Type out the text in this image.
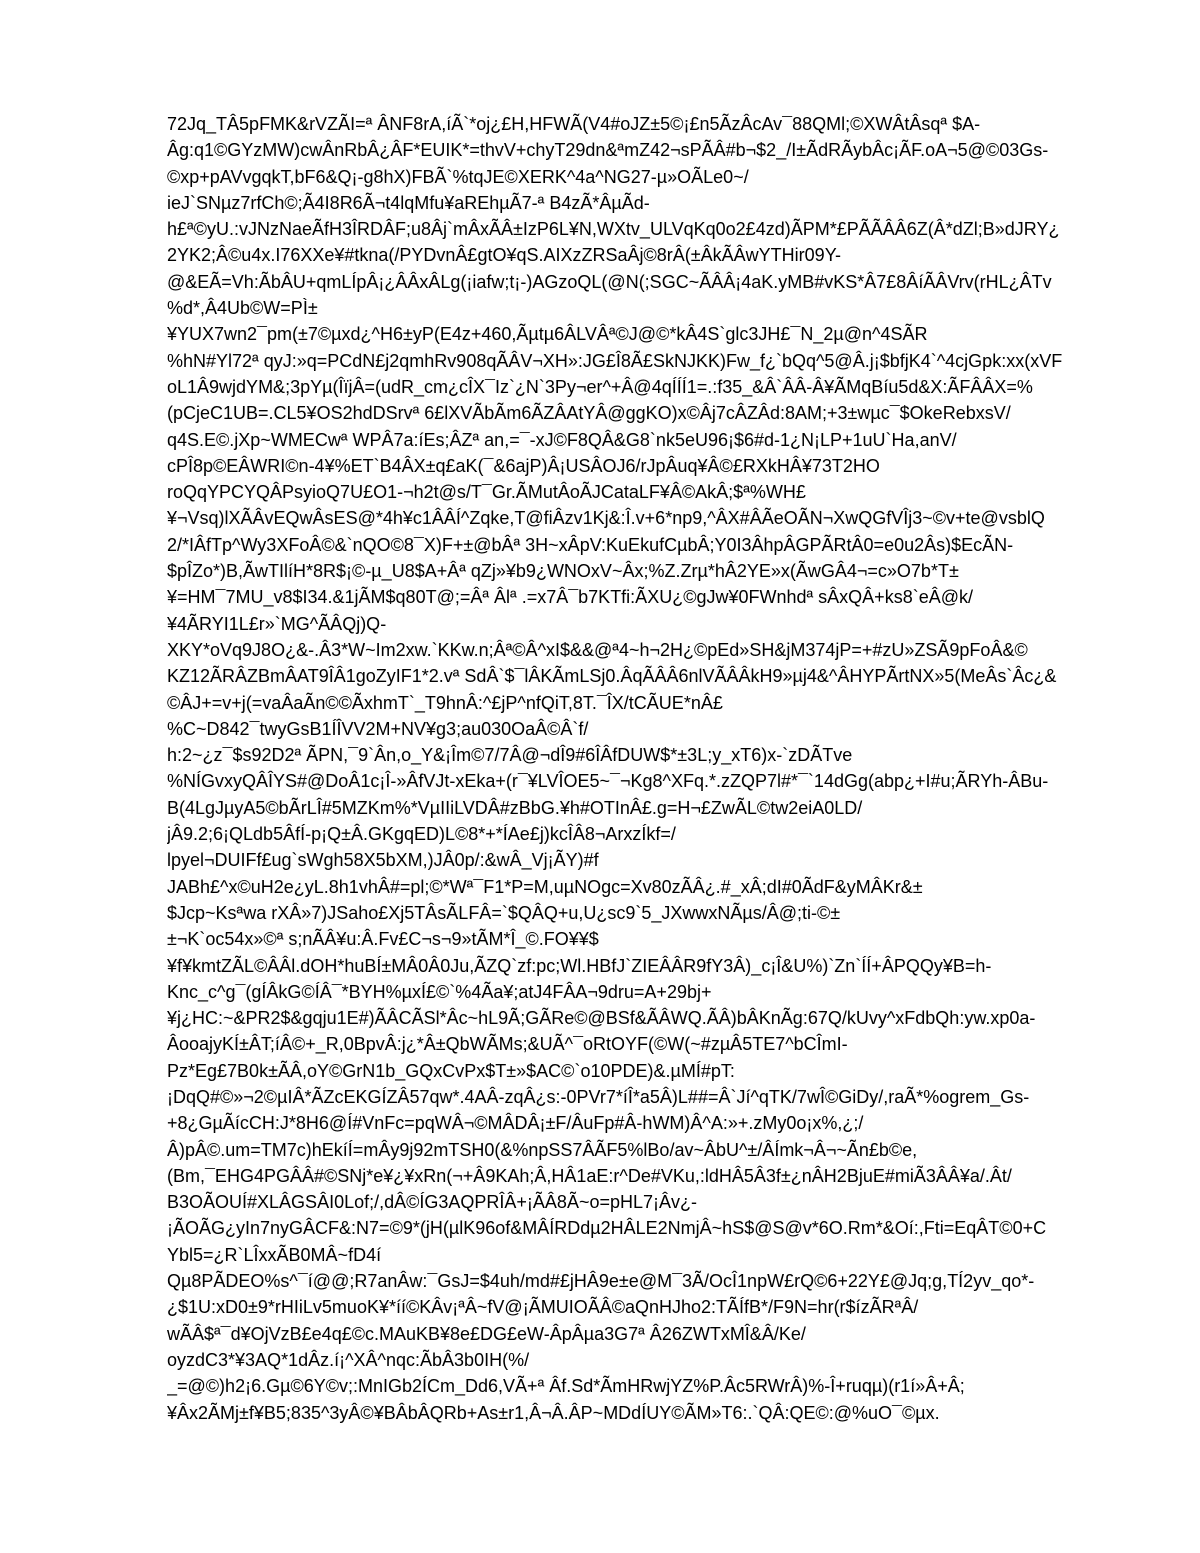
72Jq_TÂ5pFMK&rVZÃI=ª ÂNF8rA,íÃ`*oj¿£H,HFWÃ(V4#oJZ±5©¡£n5ÃzÂcAv¯88QMl;©XWÂtÂsqª $A-
Âg:q1©GYzMW)cwÂnRbÂ¿ÂF*EUIK*=thvV+chyT29dn&ªmZ42¬sPÃÂ#b¬$2_/I±ÃdRÃybÂc¡ÃF.oA¬5@©03Gs-
©xp+pAVvgqkT,bF6&Q¡-g8hX)FBÃ`%tqJE©XERK^4a^NG27-µ»OÃLe0~/
ieJ`SNµz7rfCh©;Ã4I8R6Ã¬t4lqMfu¥aREhµÃ7-ª B4zÃ*ÂµÃd-
h£ª©yU.:vJNzNaeÃfH3ÎRDÂF;u8Âj`mÂxÃÂ±IzP6L¥N,WXtv_ULVqKq0o2£4zd)ÃPM*£PÃÃÂÂ6Z(Â*dZl;B»dJRY¿
2YK2;Â©u4x.I76XXe¥#tkna(/PYDvnÂ£gtO¥qS.AIXzZRSaÂj©8rÂ(±ÂkÃÂwYTHir09Y-
@&EÃ=Vh:ÃbÂU+qmLÍpÂ¡¿ÂÂxÂLg(¡iafw;t¡-)AGzoQL(@N(;SGC~ÃÂÂ¡4aK.yMB#vKS*Â7£8ÂíÃÂVrv(rHL¿ÂTv
%d*,Â4Ub©W=PÌ±
¥YUX7wn2¯pm(±7©µxd¿^H6±yP(E4z+460,Ãµtµ6ÂLVÂª©J@©*kÂ4S`glc3JH£¯N_2µ@n^4SÃR
%hN#Yl72ª qyJ:»q=PCdN£j2qmhRv908qÃÂV¬XH»:JG£Î8Ã£SkNJKK)Fw_f¿`bQq^5@Â.j¡$bfjK4`^4cjGpk:xx(xVF
oL1Â9wjdYM&;3pYµ(ÎïjÂ=(udR_cm¿cÎX¯Iz`¿N`3Py¬er^+Â@4qÍÍÍ1=.:f35_&Â`ÂÂ-Â¥ÃMqBíu5d&X:ÃFÂÂX=%
(pCjeC1UB=.CL5¥OS2hdDSrvª 6£lXVÃbÃm6ÃZÂAtYÂ@ggKO)x©Âj7cÂZÂd:8AM;+3±wµc¯$OkeRebxsV/
q4S.E©.jXp~WMECwª WPÂ7a:íEs;ÂZª an,=¯-xJ©F8QÂ&G8`nk5eU96¡$6#d-1¿N¡LP+1uU`Ha,anV/
cPÎ8p©EÂWRI©n-4¥%ET`B4ÂX±q£aK(¯&6ajP)Â¡USÂOJ6/rJpÂuq¥Â©£RXkHÂ¥73T2HO
roQqYPCYQÂPsyioQ7U£O1-¬h2t@s/T¯Gr.ÃMutÂoÃJCataLF¥Â©AkÂ;$ª%WH£
¥¬Vsq)lXÃÂvEQwÂsES@*4h¥c1ÂÂÍ^Zqke,T@fiÂzv1Kj&:Î.v+6*np9,^ÂX#ÂÃeOÃN¬XwQGfVÎj3~©v+te@vsblQ
2/*IÂfTp^Wy3XFoÂ©&`nQO©8¯X)F+±@bÂª 3H~xÂpV:KuEkufCµbÂ;Y0I3ÂhpÂGPÃRtÂ0=e0u2Âs)$EcÃN-
$pÎZo*)B,ÃwTIlíH*8R$¡©-µ_U8$A+Âª qZj»¥b9¿WNOxV~Âx;%Z.Zrµ*hÂ2YE»x(ÃwGÂ4¬=c»O7b*T±
¥=HM¯7MU_v8$I34.&1jÃM$q80T@;=Âª Âlª .=x7Â¯b7KTfi:ÃXU¿©gJw¥0FWnhdª sÂxQÂ+ks8`eÂ@k/
¥4ÃRYI1L£r»`MG^ÃÂQj)Q-
XKY*oVq9J8O¿&-.Â3*W~Im2xw.`KKw.n;Âª©Â^xI$&&@ª4~h¬2H¿©pEd»SH&jM374jP=+#zU»ZSÃ9pFoÂ&©
KZ12ÃRÂZBmÂAT9ÎÂ1goZyIF1*2.vª SdÂ`$¯lÂKÃmLSj0.ÂqÃÂÂ6nlVÃÂÂkH9»µj4&^ÂHYPÃrtNX»5(MeÂs`Âc¿&
©ÂJ+=v+j(=vaÂaÃn©©ÃxhmT`_T9hnÂ:^£jP^nfQiT,8T.¯ÎX/tCÃUE*nÂ£
%C~D842¯twyGsB1ÍÎVV2M+NV¥g3;au030OaÂ©Â`f/
h:2~¿z¯$s92D2ª ÃPN,¯9`Ân,o_Y&¡Îm©7/7Â@¬dÎ9#6ÎÂfDUW$*±3L;y_xT6)x-`zDÃTve
%NÍGvxyQÂÎYS#@DoÂ1c¡Î-»ÂfVJt-xEka+(r¯¥LVÎOE5~¯¬Kg8^XFq.*.zZQP7l#*¯`14dGg(abp¿+I#u;ÃRYh-ÂBu-
B(4LgJµyA5©bÃrLÎ#5MZKm%*VµIIiLVDÂ#zBbG.¥h#OTInÂ£.g=H¬£ZwÃL©tw2eiA0LD/
jÂ9.2;6¡QLdb5ÂfÍ-p¡Q±Â.GKgqED)L©8*+*ÍAe£j)kcÎÂ8¬ArxzÍkf=/
lpyel¬DUIFf£ug`sWgh58X5bXM,)JÂ0p/:&wÂ_Vj¡ÃY)#f
JABh£^x©uH2e¿yL.8h1vhÂ#=pl;©*Wª¯F1*P=M,uµNOgc=Xv80zÃÂ¿.#_xÂ;dI#0ÃdF&yMÂKr&±
$Jcp~Ksªwa rXÂ»7)JSaho£Xj5TÂsÃLFÂ=`$QÂQ+u,U¿sc9`5_JXwwxNÃµs/Â@;ti-©±
±¬K`oc54x»©ª s;nÃÂ¥u:Â.Fv£C¬s¬9»tÃM*Î_©.FO¥¥$
¥f¥kmtZÃL©ÂÂl.dOH*huBÍ±MÂ0Â0Ju,ÃZQ`zf:pc;Wl.HBfJ`ZIEÂÂR9fY3Â)_c¡Î&U%)`Zn`ÍÍ+ÂPQQy¥B=h-
Knc_c^g¯(gÍÂkG©ÍÂ¯*BYH%µxÍ£©`%4Ãa¥;atJ4FÂA¬9dru=A+29bj+
¥j¿HC:~&PR2$&gqju1E#)ÃÂCÃSl*Âc~hL9Ã;GÃRe©@BSf&ÃÂWQ.ÃÂ)bÂKnÃg:67Q/kUvy^xFdbQh:yw.xp0a-
ÂooajyKÍ±ÂT;íÂ©+_R,0BpvÂ:j¿*Â±QbWÃMs;&UÃ^¯oRtOYF(©W(~#zµÂ5TE7^bCÎmI-
Pz*Eg£7B0k±ÃÂ,oY©GrN1b_GQxCvPx$T±»$AC©`o10PDE)&.µMÍ#pT:
¡DqQ#©»¬2©µIÂ*ÃZcEKGÍZÂ57qw*.4AÂ-zqÂ¿s:-0PVr7*íÎ*a5Â)L##=Â`Jí^qTK/7wÎ©GiDy/,raÃ*%ogrem_Gs-
+8¿GµÃícCH:J*8H6@Í#VnFc=pqWÂ¬©MÂDÂ¡±F/ÂuFp#Â-hWM)Â^A:»+.zMy0o¡x%,¿;/
Â)pÂ©.um=TM7c)hEkíÍ=mÂy9j92mTSH0(&%npSS7ÂÃF5%lBo/av~ÂbU^±/ÂÍmk¬Â¬~Ãn£b©e,
(Bm,¯EHG4PGÂÂ#©SNj*e¥¿¥xRn(¬+Â9KAh;Â,HÂ1aE:r^De#VKu,:ldHÂ5Â3f±¿nÂH2BjuE#miÃ3ÂÂ¥a/.Ât/
B3OÃOUÍ#XLÂGSÂI0Lof;/,dÂ©ÍG3AQPRÎÂ+¡ÃÂ8Ã~o=pHL7¡Âv¿-
¡ÃOÃG¿yIn7nyGÂCF&:N7=©9*(jH(µlK96of&MÂÍRDdµ2HÂLE2NmjÂ~hS$@S@v*6O.Rm*&Oí:,Fti=EqÂT©0+C
Ybl5=¿R`LÎxxÃB0MÂ~fD4í
Qµ8PÃDEO%s^¯í@@;R7anÂw:¯GsJ=$4uh/md#£jHÂ9e±e@M¯3Ã/OcÎ1npW£rQ©6+22Y£@Jq;g,TÍ2yv_qo*-
¿$1U:xD0±9*rHIiLv5muoK¥*íí©KÂv¡ªÂ~fV@¡ÃMUIOÃÂ©aQnHJho2:TÃÍfB*/F9N=hr(r$ízÃRªÂ/
wÃÂ$ª¯d¥OjVzB£e4q£©c.MAuKB¥8e£DG£eW-ÂpÂµa3G7ª Â26ZWTxMÎ&Â/Ke/
oyzdC3*¥3AQ*1dÂz.í¡^XÂ^nqc:ÃbÂ3b0IH(%/
_=@©)h2¡6.Gµ©6Y©v;:MnIGb2ÍCm_Dd6,VÃ+ª Âf.Sd*ÃmHRwjYZ%P.Âc5RWrÂ)%-Î+ruqµ)(r1í»Â+Â;
¥Âx2ÃMj±f¥B5;835^3yÂ©¥BÂbÂQRb+As±r1,Â¬Â.ÂP~MDdÍUY©ÃM»T6:.`QÂ:QE©:@%uO¯©µx.
